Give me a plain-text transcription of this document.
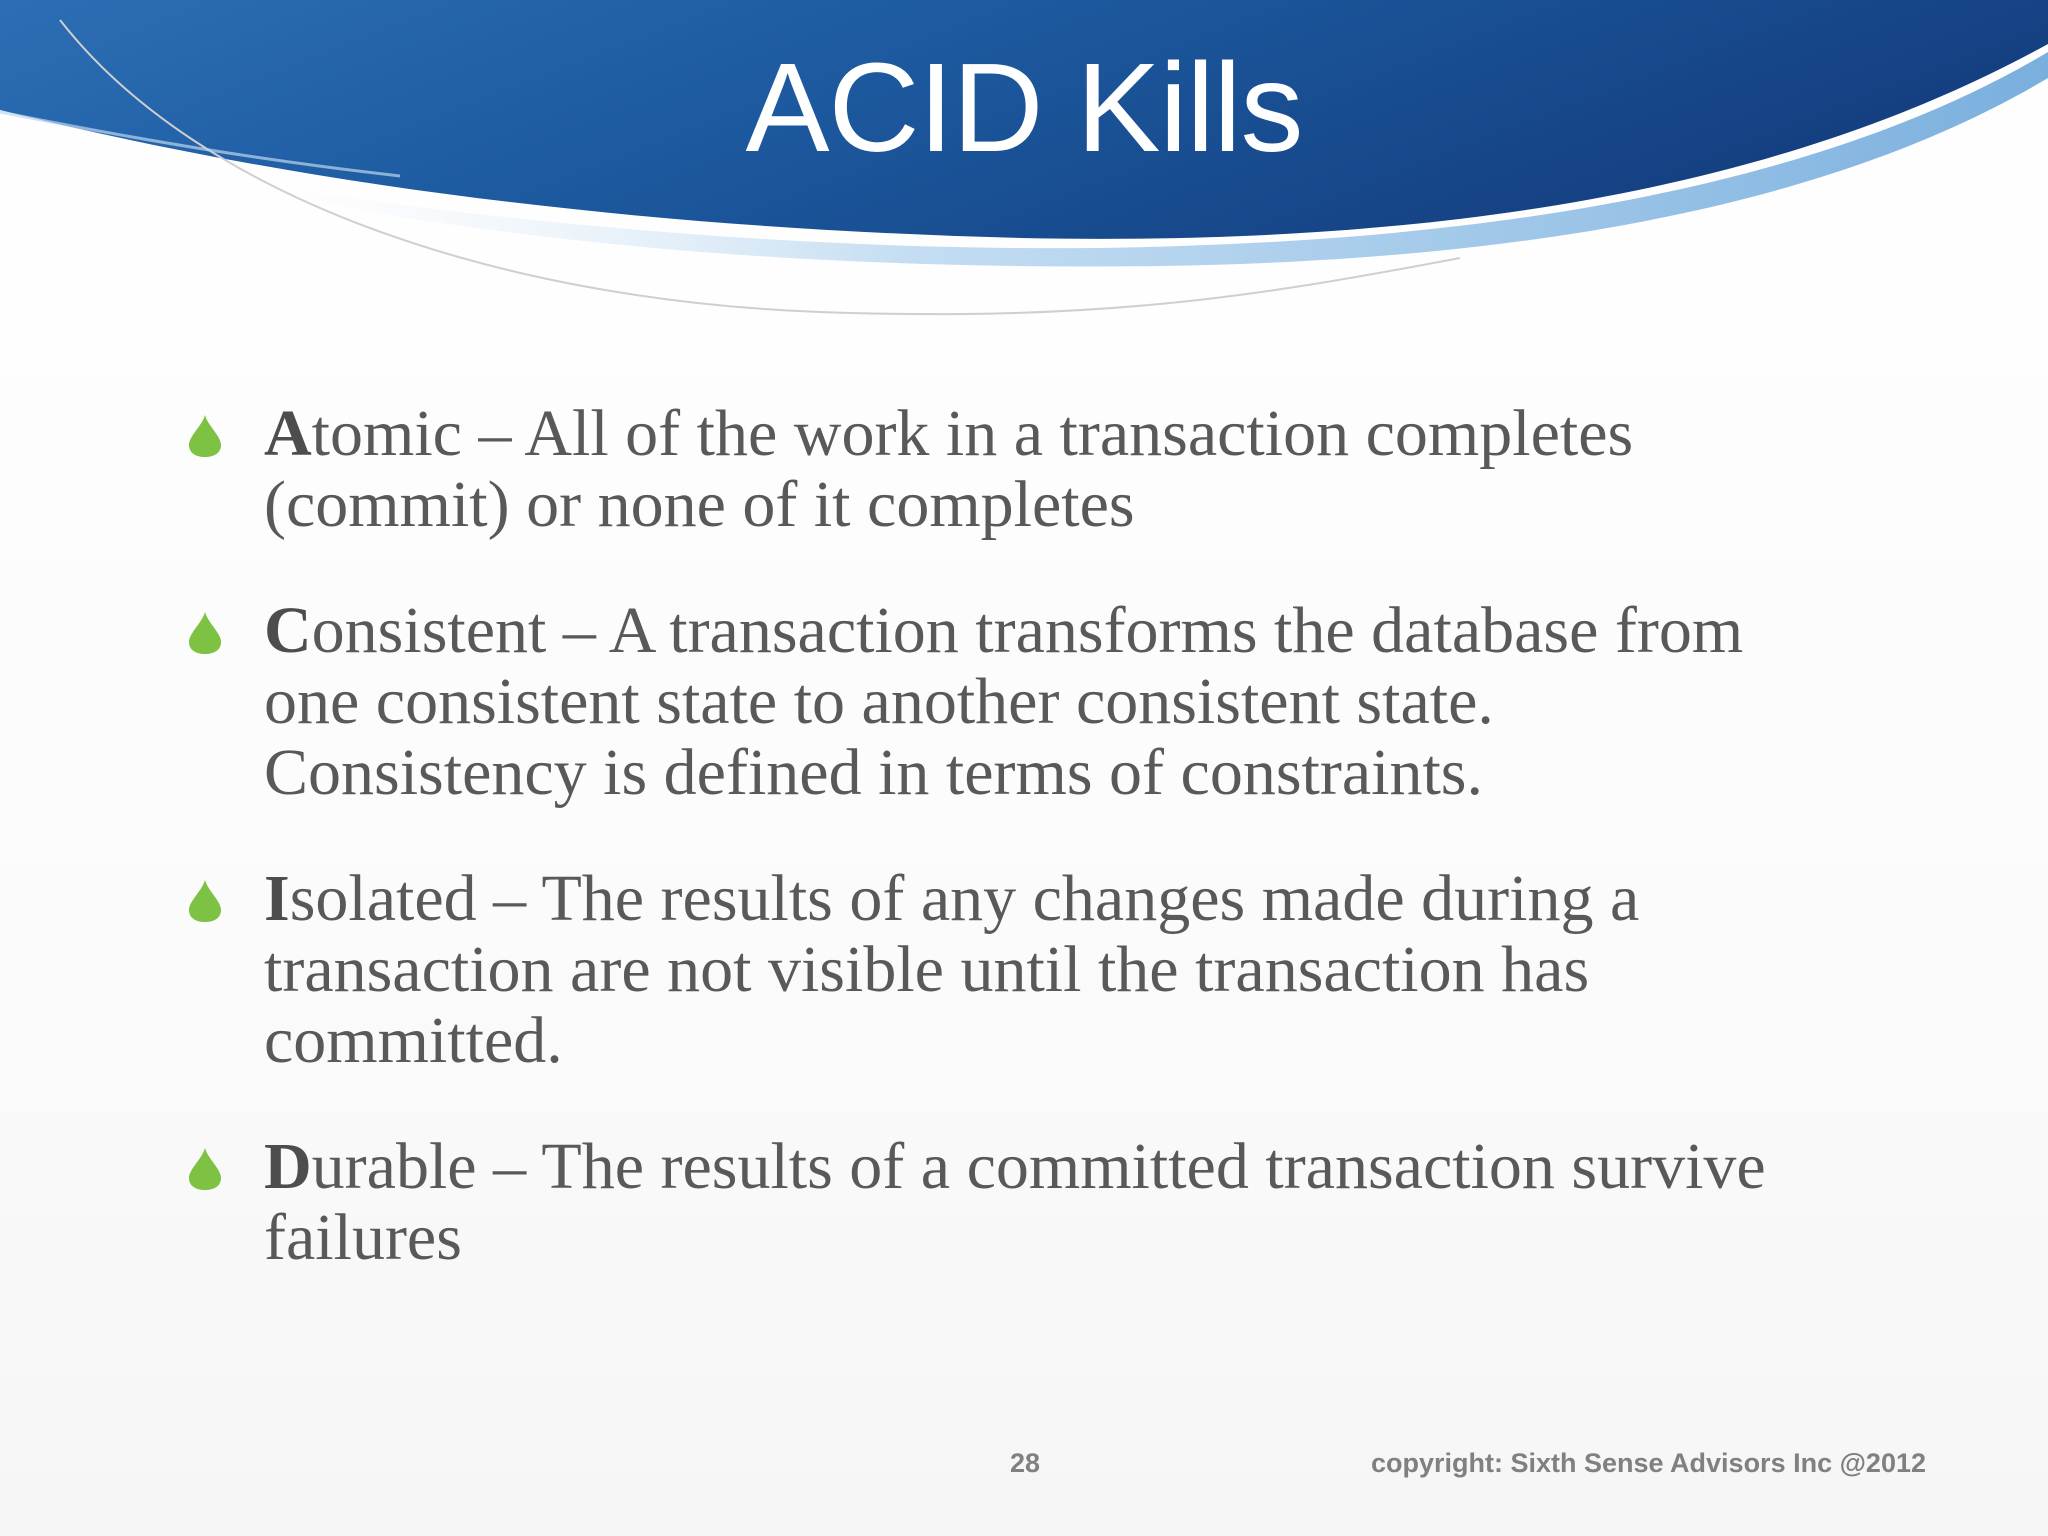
ACID Kills
Atomic – All of the work in a transaction completes (commit) or none of it completes
Consistent – A transaction transforms the database from one consistent state to another consistent state. Consistency is defined in terms of constraints.
Isolated – The results of any changes made during a transaction are not visible until the transaction has committed.
Durable – The results of a committed transaction survive failures
28	copyright: Sixth Sense Advisors Inc @2012
